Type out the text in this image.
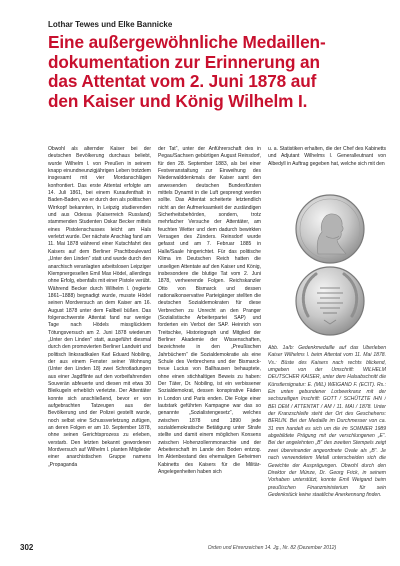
Lothar Tewes und Elke Bannicke
Eine außergewöhnliche Medaillen-
dokumentation zur Erinnerung an
das Attentat vom 2. Juni 1878 auf
den Kaiser und König Wilhelm I.

Obwohl als alternder Kaiser bei der deutschen Bevölkerung durchaus beliebt, wurde Wilhelm I. von Preußen in seinem knapp einundneunzigjährigen Leben trotzdem insgesamt mit vier Mordanschlägen konfrontiert. Das erste Attentat erfolgte am 14. Juli 1861, bei einem Kuraufenthalt in Baden-Baden, wo er durch den als politischen Wirrkopf bekannten, in Leipzig studierenden und aus Odessa (Kaiserreich Russland) stammenden Studenten Oskar Becker mittels eines Pistolenschusses leicht am Hals verletzt wurde. Der nächste Anschlag fand am 11. Mai 1878 während einer Kutschfahrt des Kaisers auf dem Berliner Prachtboulevard „Unter den Linden“ statt und wurde durch den anarchisch veranlagten arbeitslosen Leipziger Klempnergesellen Emil Max Hödel, allerdings ohne Erfolg, ebenfalls mit einer Pistole verübt. Während Becker durch Wilhelm I. (regierte 1861–1888) begnadigt wurde, musste Hödel seinen Mordversuch an dem Kaiser am 16. August 1878 unter dem Fallbeil büßen. Das folgenschwerste Attentat fand nur wenige Tage nach Hödels missglücktem Tötungsversuch am 2. Juni 1878 wiederum „Unter den Linden“ statt, ausgeführt diesmal durch den promovierten Berliner Landwirt und politisch linksradikalen Karl Eduard Nobiling, der aus einem Fenster seiner Wohnung (Unter den Linden 18) zwei Schrotladungen aus einer Jagdflinte auf den vorbeifahrenden Souverän abfeuerte und diesen mit etwa 30 Bleikugeln erheblich verletzte. Der Attentäter konnte sich anschließend, bevor er von aufgebrachten Tatzeugen aus der Bevölkerung und der Polizei gestellt wurde, noch selbst eine Schussverletzung zufügen, an deren Folgen er am 10. September 1878, ohne seinen Gerichtsprozess zu erleben, verstarb. Den letzten bekannt gewordenen Mordversuch auf Wilhelm I. planten Mitglieder einer anarchistischen Gruppe namens „Propaganda

der Tat“, unter der Anführerschaft des in Pegau/Sachsen gebürtigen August Reinsdorf, für den 28. September 1883, als bei einer Festveranstaltung zur Einweihung des Niederwalddenkmals der Kaiser samt den anwesenden deutschen Bundesfürsten mittels Dynamit in die Luft gesprengt werden sollte. Das Attentat scheiterte letztendlich nicht an der Aufmerksamkeit der zuständigen Sicherheitsbehörden, sondern, trotz mehrfacher Versuche der Attentäter, am feuchten Wetter und dem dadurch bewirkten Versagen des Zünders. Reinsdorf wurde gefasst und am 7. Februar 1885 in Halle/Saale hingerichtet. Für das politische Klima im Deutschen Reich hatten die unseligen Attentate auf den Kaiser und König, insbesondere die blutige Tat vom 2. Juni 1878, verheerende Folgen. Reichskanzler Otto von Bismarck und dessen nationalkonservative Parteigänger stellten die deutschen Sozialdemokraten für diese Verbrechen zu Unrecht an den Pranger (Sozialistische Arbeiterpartei SAP) und forderten ein Verbot der SAP. Heinrich von Treitschke, Historiograph und Mitglied der Berliner Akademie der Wissenschaften, bezeichnete in den „Preußischen Jahrbüchern“ die Sozialdemokratie als eine Schule des Verbrechens und der Bismarck-treue Lucius von Ballhausen behauptete, ohne einen stichhaltigen Beweis zu haben: Der Täter, Dr. Nobiling, ist ein verbissener Sozialdemokrat, dessen konspirative Fäden in London und Paris enden. Die Folge einer lautstark geführten Kampagne war das so genannte „Sozialistengesetz“, welches zwischen 1878 und 1890 jede sozialdemokratische Betätigung unter Strafe stellte und damit einem möglichen Konsens zwischen Hohenzollernmonarchie und der Arbeiterschaft im Lande den Boden entzog. Im Aktenbestand des ehemaligen Geheimen Kabinetts des Kaisers für die Militär-Angelegenheiten haben sich

u. a. Statistiken erhalten, die der Chef des Kabinetts und Adjutant Wilhelms I. Generalleutnant von Albedyll in Auftrag gegeben hat, welche sich mit den

Abb. 1a/b: Gedenkmedaille auf das Überleben Kaiser Wilhelms I. beim Attentat vom 11. Mai 1878. Vs.: Büste des Kaisers nach rechts blickend, umgeben von der Umschrift: WILHELM DEUTSCHER KAISER, unter dem Halsabschnitt die Künstlersignatur: E. (MIL) WEIGAND F. (ECIT). Rs.: Ein unten gebundener Lorbeerkranz mit der sechszeiligen Inschrift: GOTT / SCHÜTZTE IHN / BEI DEM / ATTENTAT / AM / 11. MAI / 1878. Unter der Kranzschleife steht der Ort des Geschehens: BERLIN. Bei der Medaille im Durchmesser von ca. 31 mm handelt es sich um die im SOMMER 1989 abgebildete Prägung mit der verschlungenen „E“. Bei der angelehnten „B“ des zweiten Stempels zeigt zwei übereinander angeordnete Ovale als „B“. Je nach verwendetem Metall unterscheiden sich die Gewichte der Ausprägungen. Obwohl durch den Direktor der Münze, Dr. Georg Frick, in seinem Vorhaben unterstützt, konnte Emil Weigand beim preußischen Finanzministerium für sein Gedenkstück keine staatliche Anerkennung finden.

302	Orden und Ehrenzeichen 14. Jg., Nr. 82 (Dezember 2012)
